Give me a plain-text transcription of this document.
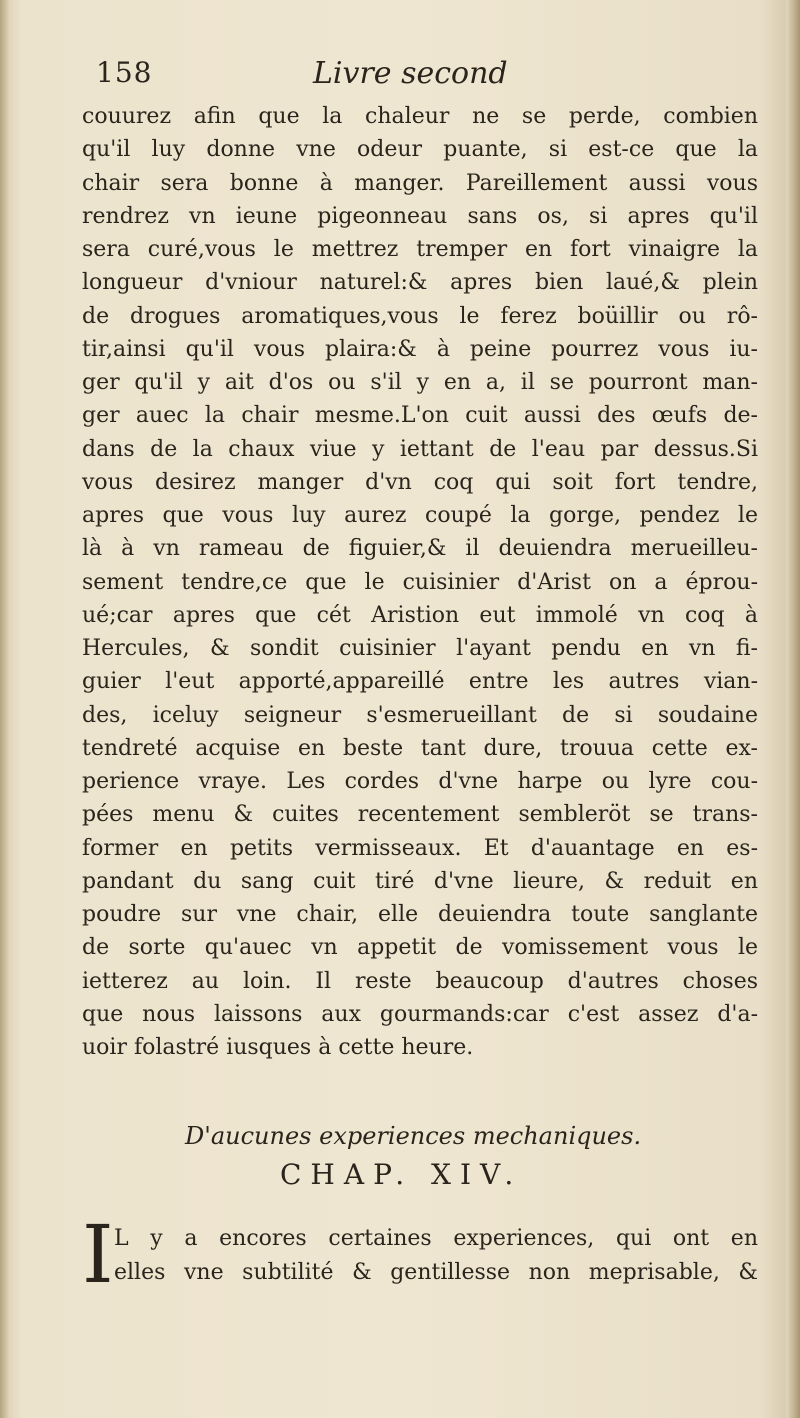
158	Livre second
couurez afin que la chaleur ne se perde, combien
qu'il luy donne vne odeur puante, si est-ce que la
chair sera bonne à manger. Pareillement aussi vous
rendrez vn ieune pigeonneau sans os, si apres qu'il
sera curé,vous le mettrez tremper en fort vinaigre la
longueur d'vniour naturel:& apres bien laué,& plein
de drogues aromatiques,vous le ferez boüillir ou rô-
tir,ainsi qu'il vous plaira:& à peine pourrez vous iu-
ger qu'il y ait d'os ou s'il y en a, il se pourront man-
ger auec la chair mesme.L'on cuit aussi des œufs de-
dans de la chaux viue y iettant de l'eau par dessus.Si
vous desirez manger d'vn coq qui soit fort tendre,
apres que vous luy aurez coupé la gorge, pendez le
là à vn rameau de figuier,& il deuiendra merueilleu-
sement tendre,ce que le cuisinier d'Arist on a éprou-
ué;car apres que cét Aristion eut immolé vn coq à
Hercules, & sondit cuisinier l'ayant pendu en vn fi-
guier l'eut apporté,appareillé entre les autres vian-
des, iceluy seigneur s'esmerueillant de si soudaine
tendreté acquise en beste tant dure, trouua cette ex-
perience vraye. Les cordes d'vne harpe ou lyre cou-
pées menu & cuites recentement sembleröt se trans-
former en petits vermisseaux. Et d'auantage en es-
pandant du sang cuit tiré d'vne lieure, & reduit en
poudre sur vne chair, elle deuiendra toute sanglante
de sorte qu'auec vn appetit de vomissement vous le
ietterez au loin. Il reste beaucoup d'autres choses
que nous laissons aux gourmands:car c'est assez d'a-
uoir folastré iusques à cette heure.
D'aucunes experiences mechaniques.
CHAP. XIV.
I L y a encores certaines experiences, qui ont en
elles vne subtilité & gentillesse non meprisable, &
